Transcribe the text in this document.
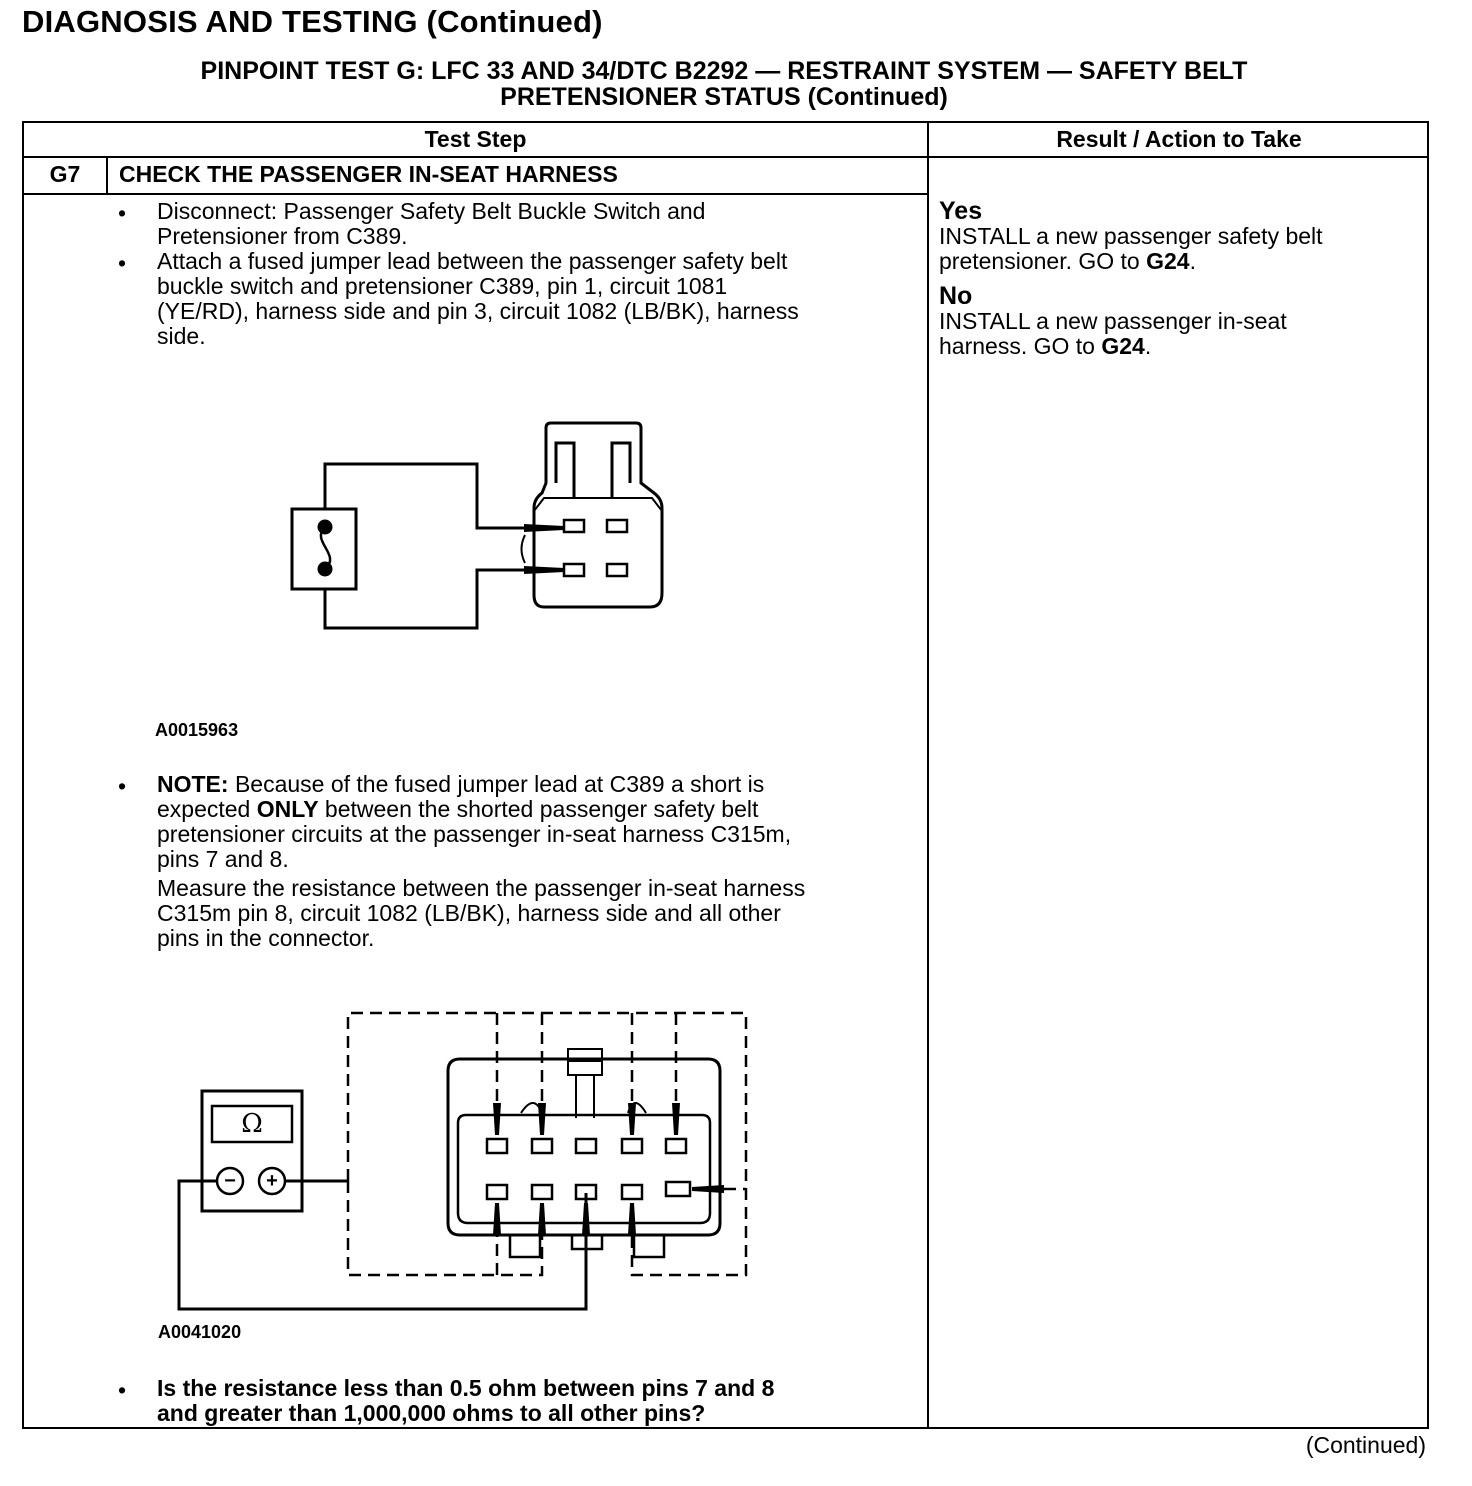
DIAGNOSIS AND TESTING (Continued)
PINPOINT TEST G: LFC 33 AND 34/DTC B2292 — RESTRAINT SYSTEM — SAFETY BELT
PRETENSIONER STATUS (Continued)
Test Step	Result / Action to Take
G7	CHECK THE PASSENGER IN-SEAT HARNESS
• Disconnect: Passenger Safety Belt Buckle Switch and
Pretensioner from C389.
• Attach a fused jumper lead between the passenger safety belt
buckle switch and pretensioner C389, pin 1, circuit 1081
(YE/RD), harness side and pin 3, circuit 1082 (LB/BK), harness
side.
A0015963
• NOTE: Because of the fused jumper lead at C389 a short is
expected ONLY between the shorted passenger safety belt
pretensioner circuits at the passenger in-seat harness C315m,
pins 7 and 8.
Measure the resistance between the passenger in-seat harness
C315m pin 8, circuit 1082 (LB/BK), harness side and all other
pins in the connector.
Ω
−	+
A0041020
• Is the resistance less than 0.5 ohm between pins 7 and 8
and greater than 1,000,000 ohms to all other pins?
Yes
INSTALL a new passenger safety belt
pretensioner. GO to G24.
No
INSTALL a new passenger in-seat
harness. GO to G24.
(Continued)
